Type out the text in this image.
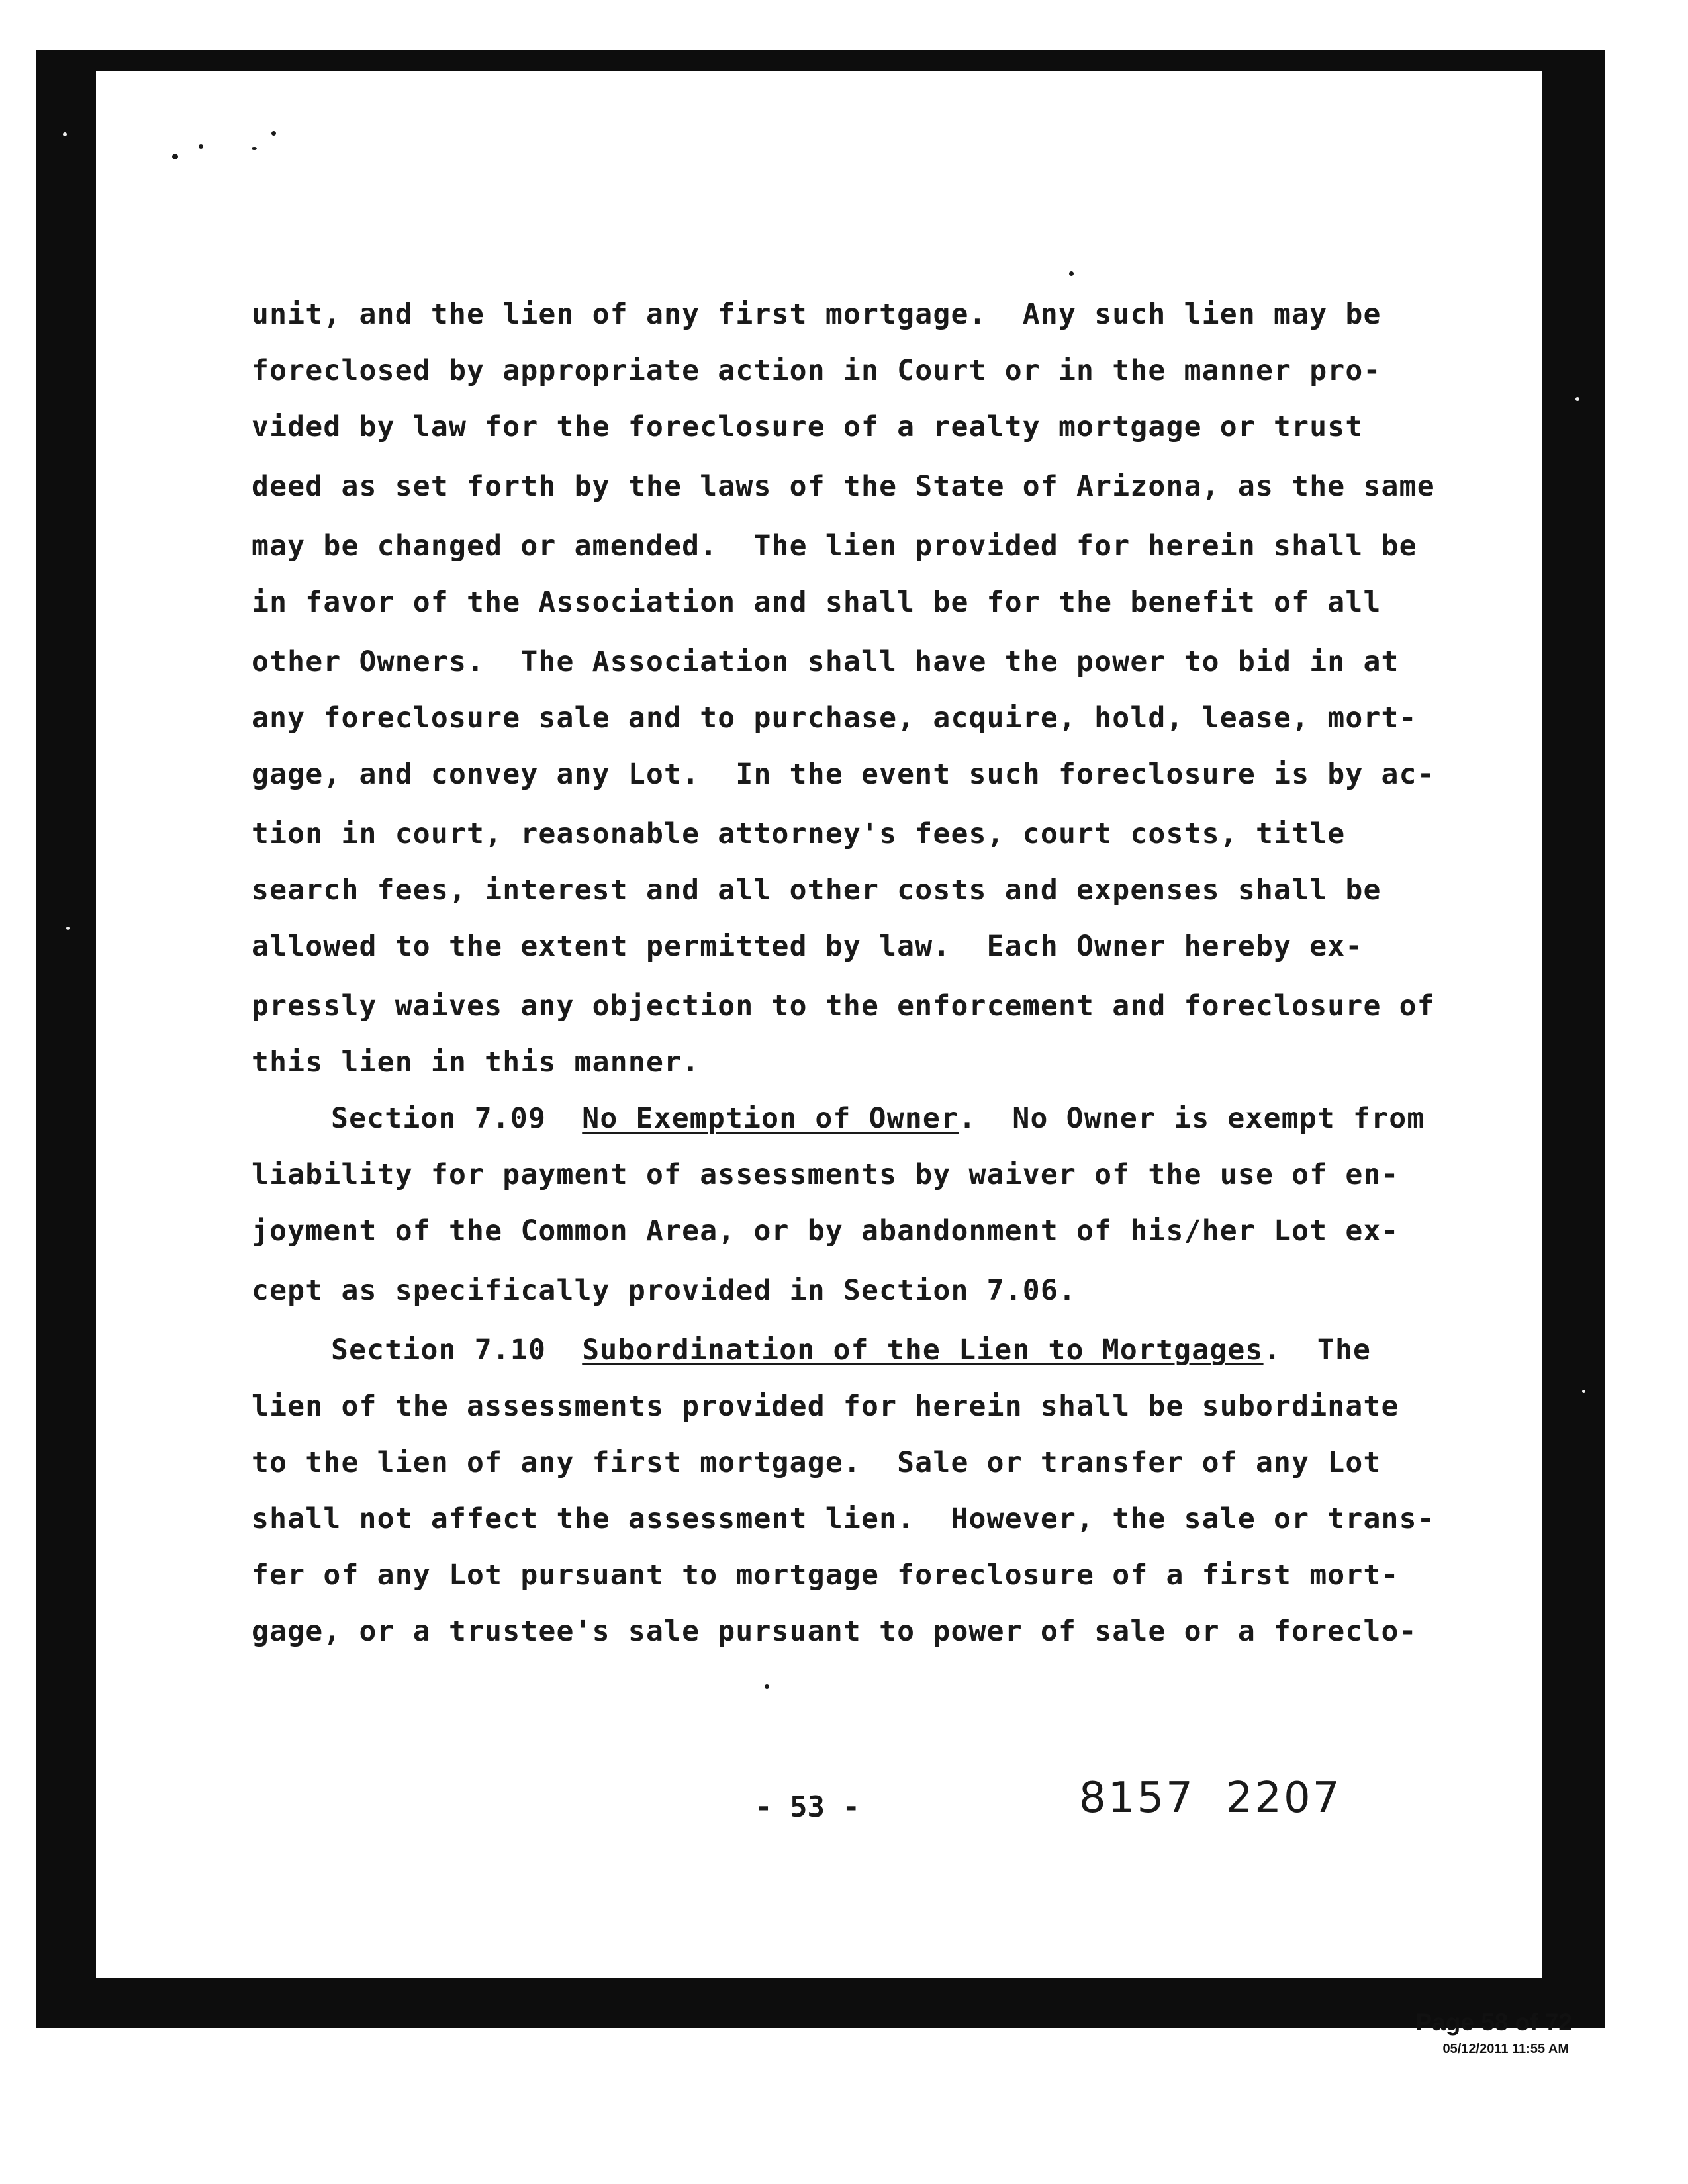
unit, and the lien of any first mortgage.  Any such lien may be
foreclosed by appropriate action in Court or in the manner pro-
vided by law for the foreclosure of a realty mortgage or trust
deed as set forth by the laws of the State of Arizona, as the same
may be changed or amended.  The lien provided for herein shall be
in favor of the Association and shall be for the benefit of all
other Owners.  The Association shall have the power to bid in at
any foreclosure sale and to purchase, acquire, hold, lease, mort-
gage, and convey any Lot.  In the event such foreclosure is by ac-
tion in court, reasonable attorney's fees, court costs, title
search fees, interest and all other costs and expenses shall be
allowed to the extent permitted by law.  Each Owner hereby ex-
pressly waives any objection to the enforcement and foreclosure of
this lien in this manner.
Section 7.09 No Exemption of Owner.  No Owner is exempt from
liability for payment of assessments by waiver of the use of en-
joyment of the Common Area, or by abandonment of his/her Lot ex-
cept as specifically provided in Section 7.06.
Section 7.10 Subordination of the Lien to Mortgages.  The
lien of the assessments provided for herein shall be subordinate
to the lien of any first mortgage.  Sale or transfer of any Lot
shall not affect the assessment lien.  However, the sale or trans-
fer of any Lot pursuant to mortgage foreclosure of a first mort-
gage, or a trustee's sale pursuant to power of sale or a foreclo-
- 53 -	8157  2207
Page 58 of 72
05/12/2011 11:55 AM
